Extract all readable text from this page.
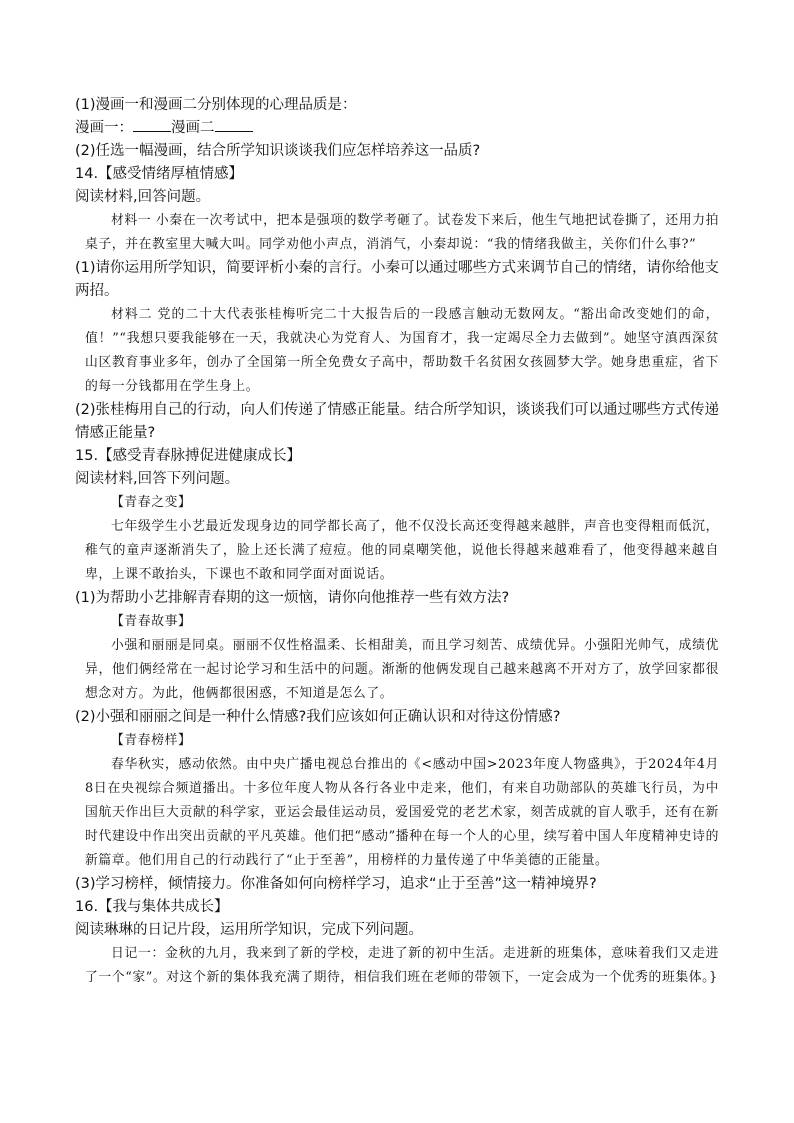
(1)漫画一和漫画二分别体现的心理品质是：

漫画一：	漫画二

(2)任选一幅漫画，结合所学知识谈谈我们应怎样培养这一品质?

14.【感受情绪厚植情感】

阅读材料,回答问题。

材料一 小秦在一次考试中，把本是强项的数学考砸了。试卷发下来后，他生气地把试卷撕了，还用力拍桌子，并在教室里大喊大叫。同学劝他小声点，消消气，小秦却说：“我的情绪我做主，关你们什么事?”

(1)请你运用所学知识，简要评析小秦的言行。小秦可以通过哪些方式来调节自己的情绪，请你给他支两招。

材料二 党的二十大代表张桂梅听完二十大报告后的一段感言触动无数网友。“豁出命改变她们的命，值！”“我想只要我能够在一天，我就决心为党育人、为国育才，我一定竭尽全力去做到”。她坚守滇西深贫山区教育事业多年，创办了全国第一所全免费女子高中，帮助数千名贫困女孩圆梦大学。她身患重症，省下的每一分钱都用在学生身上。

(2)张桂梅用自己的行动，向人们传递了情感正能量。结合所学知识，谈谈我们可以通过哪些方式传递情感正能量?

15.【感受青春脉搏促进健康成长】

阅读材料,回答下列问题。

【青春之变】

七年级学生小艺最近发现身边的同学都长高了，他不仅没长高还变得越来越胖，声音也变得粗而低沉，稚气的童声逐渐消失了，脸上还长满了痘痘。他的同桌嘲笑他，说他长得越来越难看了，他变得越来越自卑，上课不敢抬头，下课也不敢和同学面对面说话。

(1)为帮助小艺排解青春期的这一烦恼，请你向他推荐一些有效方法?

【青春故事】

小强和丽丽是同桌。丽丽不仅性格温柔、长相甜美，而且学习刻苦、成绩优异。小强阳光帅气，成绩优异，他们俩经常在一起讨论学习和生活中的问题。渐渐的他俩发现自己越来越离不开对方了，放学回家都很想念对方。为此，他俩都很困惑，不知道是怎么了。

(2)小强和丽丽之间是一种什么情感?我们应该如何正确认识和对待这份情感?

【青春榜样】

春华秋实，感动依然。由中央广播电视总台推出的《<感动中国>2023年度人物盛典》，于2024年4月8日在央视综合频道播出。十多位年度人物从各行各业中走来，他们，有来自功勋部队的英雄飞行员，为中国航天作出巨大贡献的科学家，亚运会最佳运动员，爱国爱党的老艺术家，刻苦成就的盲人歌手，还有在新时代建设中作出突出贡献的平凡英雄。他们把“感动”播种在每一个人的心里，续写着中国人年度精神史诗的新篇章。他们用自己的行动践行了“止于至善”，用榜样的力量传递了中华美德的正能量。

(3)学习榜样，倾情接力。你准备如何向榜样学习，追求“止于至善”这一精神境界?

16.【我与集体共成长】

阅读琳琳的日记片段，运用所学知识，完成下列问题。

日记一：金秋的九月，我来到了新的学校，走进了新的初中生活。走进新的班集体，意味着我们又走进了一个“家”。对这个新的集体我充满了期待，相信我们班在老师的带领下，一定会成为一个优秀的班集体。}
